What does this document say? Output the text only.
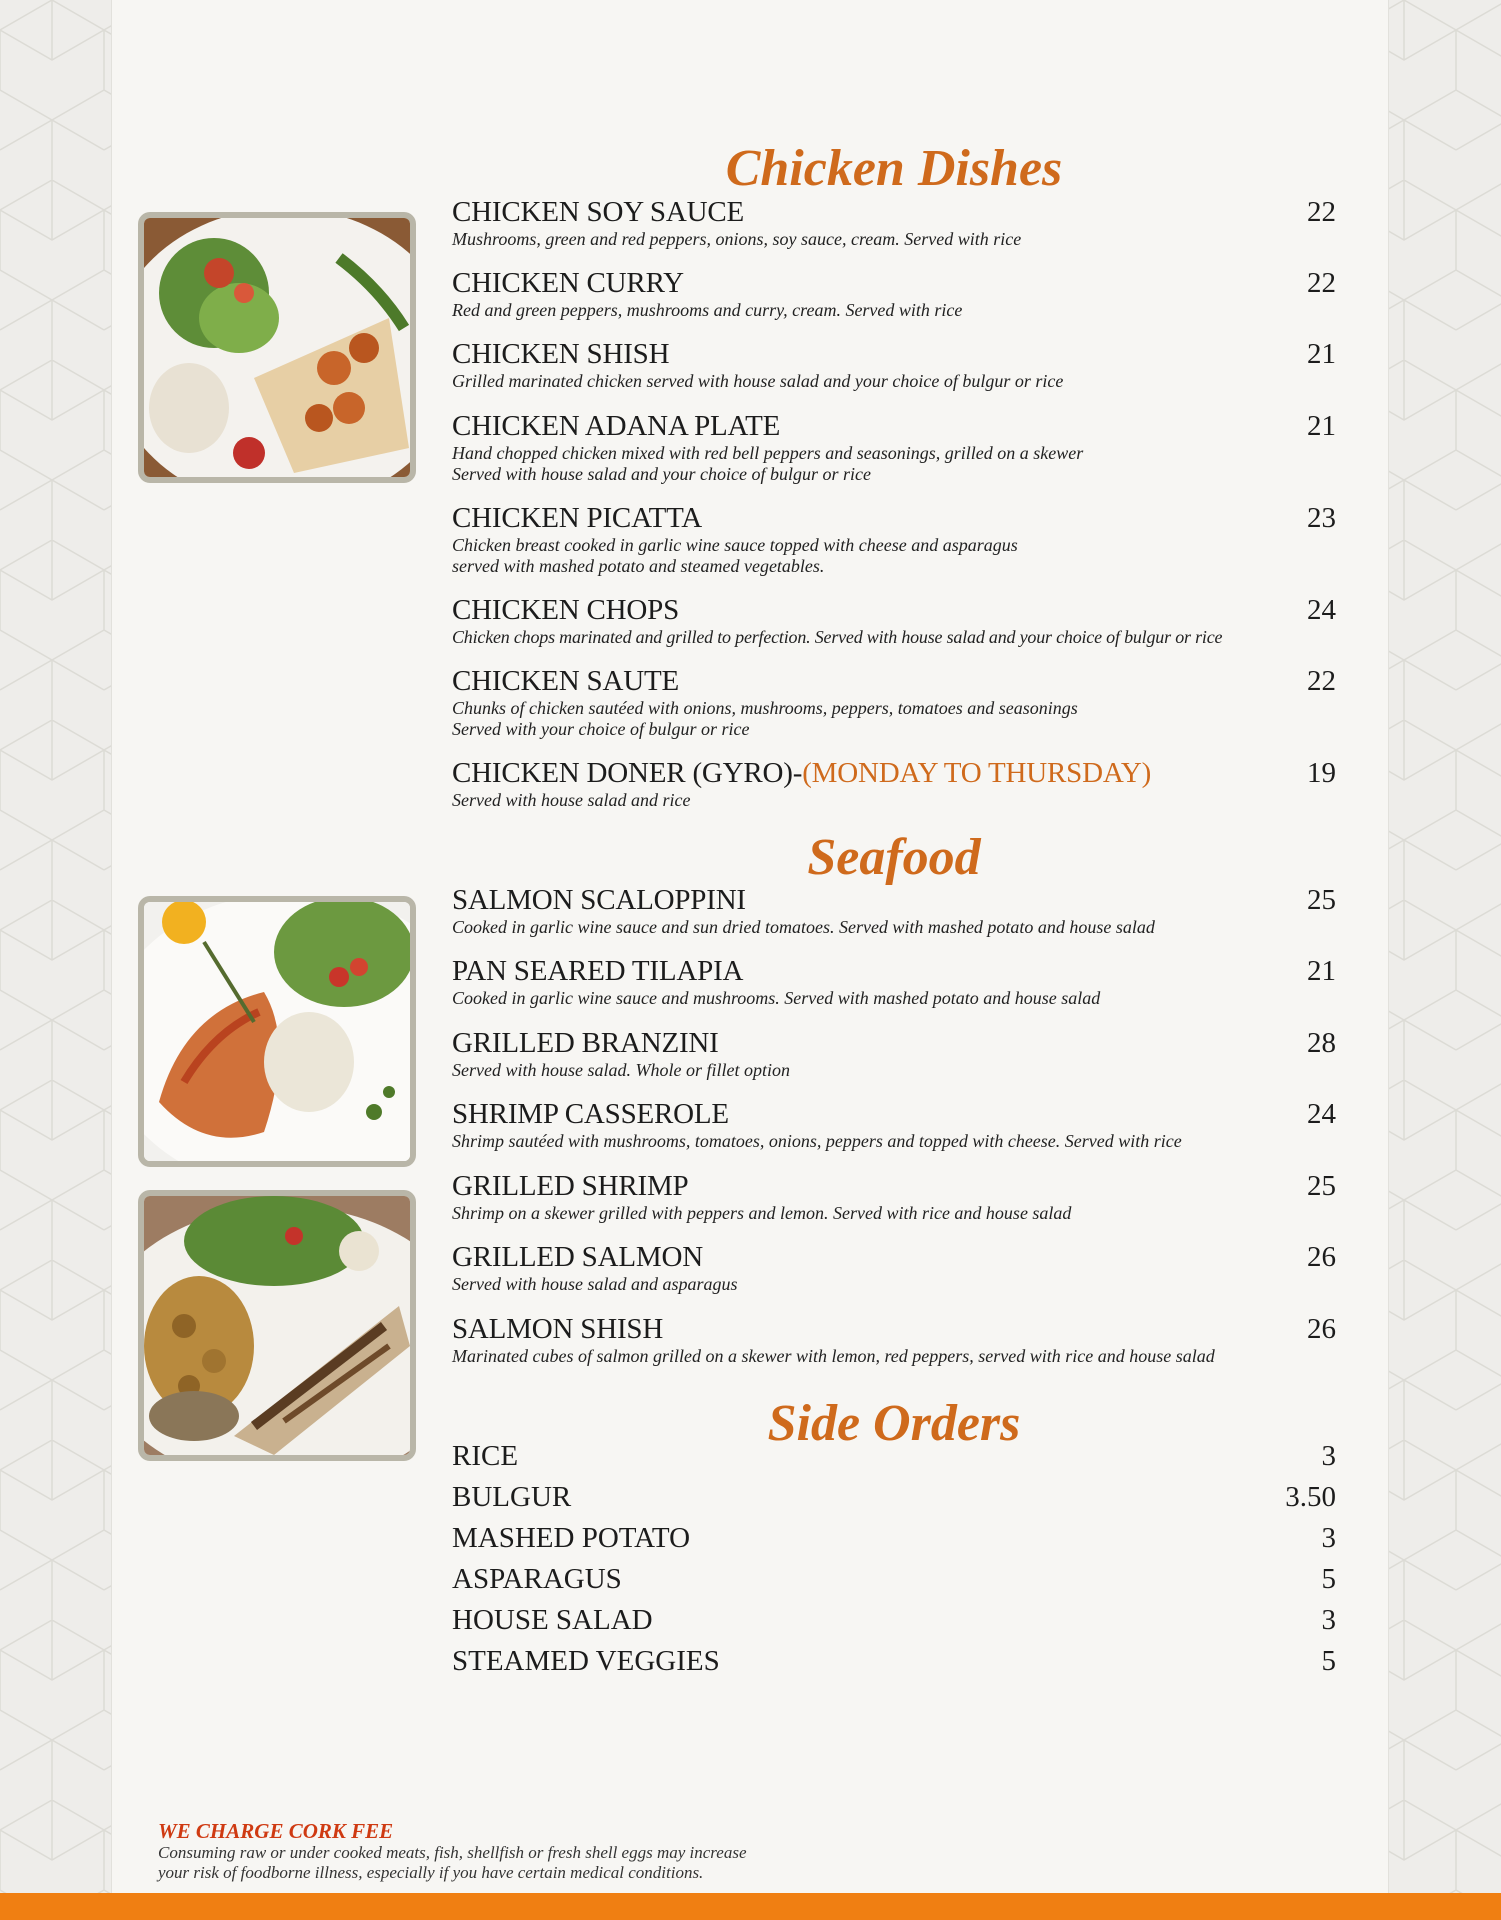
Chicken Dishes
CHICKEN SOY SAUCE	22
Mushrooms, green and red peppers, onions, soy sauce, cream. Served with rice
CHICKEN CURRY	22
Red and green peppers, mushrooms and curry, cream. Served with rice
CHICKEN SHISH	21
Grilled marinated chicken served with house salad and your choice of bulgur or rice
CHICKEN ADANA PLATE	21
Hand chopped chicken mixed with red bell peppers and seasonings, grilled on a skewer
Served with house salad and your choice of bulgur or rice
CHICKEN PICATTA	23
Chicken breast cooked in garlic wine sauce topped with cheese and asparagus
served with mashed potato and steamed vegetables.
CHICKEN CHOPS	24
Chicken chops marinated and grilled to perfection. Served with house salad and your choice of bulgur or rice
CHICKEN SAUTE	22
Chunks of chicken sautéed with onions, mushrooms, peppers, tomatoes and seasonings
Served with your choice of bulgur or rice
CHICKEN DONER (GYRO)-(MONDAY TO THURSDAY)	19
Served with house salad and rice
Seafood
SALMON SCALOPPINI	25
Cooked in garlic wine sauce and sun dried tomatoes. Served with mashed potato and house salad
PAN SEARED TILAPIA	21
Cooked in garlic wine sauce and mushrooms. Served with mashed potato and house salad
GRILLED BRANZINI	28
Served with house salad. Whole or fillet option
SHRIMP CASSEROLE	24
Shrimp sautéed with mushrooms, tomatoes, onions, peppers and topped with cheese. Served with rice
GRILLED SHRIMP	25
Shrimp on a skewer grilled with peppers and lemon. Served with rice and house salad
GRILLED SALMON	26
Served with house salad and asparagus
SALMON SHISH	26
Marinated cubes of salmon grilled on a skewer with lemon, red peppers, served with rice and house salad
Side Orders
RICE	3
BULGUR	3.50
MASHED POTATO	3
ASPARAGUS	5
HOUSE SALAD	3
STEAMED VEGGIES	5
WE CHARGE CORK FEE
Consuming raw or under cooked meats, fish, shellfish or fresh shell eggs may increase
your risk of foodborne illness, especially if you have certain medical conditions.
